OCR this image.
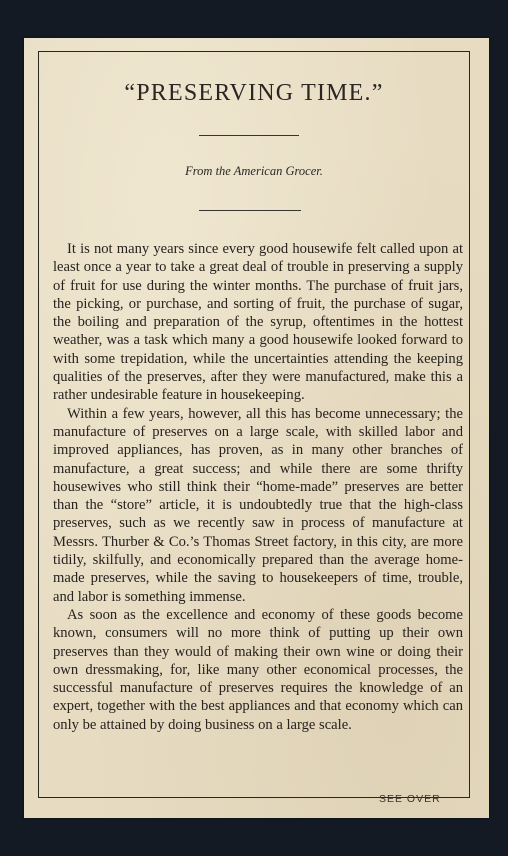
“PRESERVING TIME.”
From the American Grocer.

It is not many years since every good housewife felt called upon at least once a year to take a great deal of trouble in preserving a supply of fruit for use during the winter months. The purchase of fruit jars, the picking, or purchase, and sorting of fruit, the purchase of sugar, the boiling and preparation of the syrup, oftentimes in the hottest weather, was a task which many a good housewife looked forward to with some trepidation, while the uncertainties attending the keeping qualities of the preserves, after they were manufactured, make this a rather undesirable feature in housekeeping.

Within a few years, however, all this has become unnecessary; the manufacture of preserves on a large scale, with skilled labor and improved appliances, has proven, as in many other branches of manufacture, a great success; and while there are some thrifty housewives who still think their “home-made” preserves are better than the “store” article, it is undoubtedly true that the high-class preserves, such as we recently saw in process of manufacture at Messrs. Thurber & Co.’s Thomas Street factory, in this city, are more tidily, skilfully, and economically prepared than the average home-made preserves, while the saving to housekeepers of time, trouble, and labor is something immense.

As soon as the excellence and economy of these goods become known, consumers will no more think of putting up their own preserves than they would of making their own wine or doing their own dressmaking, for, like many other economical processes, the successful manufacture of preserves requires the knowledge of an expert, together with the best appliances and that economy which can only be attained by doing business on a large scale.

SEE OVER
